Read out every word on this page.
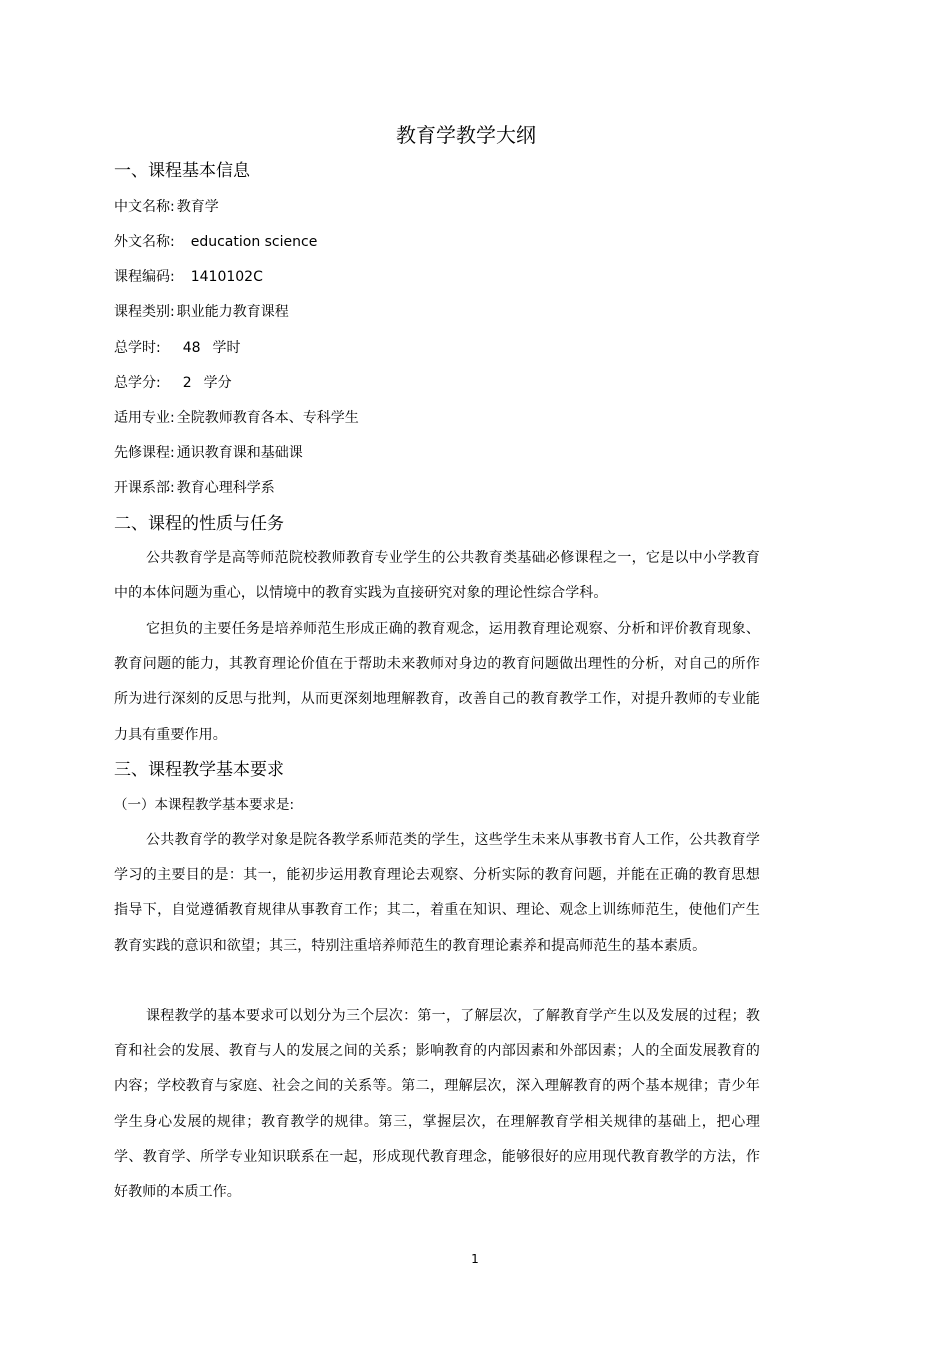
教育学教学大纲
一、课程基本信息
中文名称: 教育学
外文名称: education science
课程编码: 1410102C
课程类别: 职业能力教育课程
总学时: 48 学时
总学分: 2 学分
适用专业: 全院教师教育各本、专科学生
先修课程: 通识教育课和基础课
开课系部: 教育心理科学系
二、课程的性质与任务

公共教育学是高等师范院校教师教育专业学生的公共教育类基础必修课程之一，它是以中小学教育中的本体问题为重心，以情境中的教育实践为直接研究对象的理论性综合学科。

它担负的主要任务是培养师范生形成正确的教育观念，运用教育理论观察、分析和评价教育现象、教育问题的能力，其教育理论价值在于帮助未来教师对身边的教育问题做出理性的分析，对自己的所作所为进行深刻的反思与批判，从而更深刻地理解教育，改善自己的教育教学工作，对提升教师的专业能力具有重要作用。

三、课程教学基本要求
（一）本课程教学基本要求是:

公共教育学的教学对象是院各教学系师范类的学生，这些学生未来从事教书育人工作，公共教育学学习的主要目的是：其一，能初步运用教育理论去观察、分析实际的教育问题，并能在正确的教育思想指导下，自觉遵循教育规律从事教育工作；其二，着重在知识、理论、观念上训练师范生，使他们产生教育实践的意识和欲望；其三，特别注重培养师范生的教育理论素养和提高师范生的基本素质。

课程教学的基本要求可以划分为三个层次：第一，了解层次，了解教育学产生以及发展的过程；教育和社会的发展、教育与人的发展之间的关系；影响教育的内部因素和外部因素；人的全面发展教育的内容；学校教育与家庭、社会之间的关系等。第二，理解层次，深入理解教育的两个基本规律；青少年学生身心发展的规律；教育教学的规律。第三，掌握层次，在理解教育学相关规律的基础上，把心理学、教育学、所学专业知识联系在一起，形成现代教育理念，能够很好的应用现代教育教学的方法，作好教师的本质工作。

1
